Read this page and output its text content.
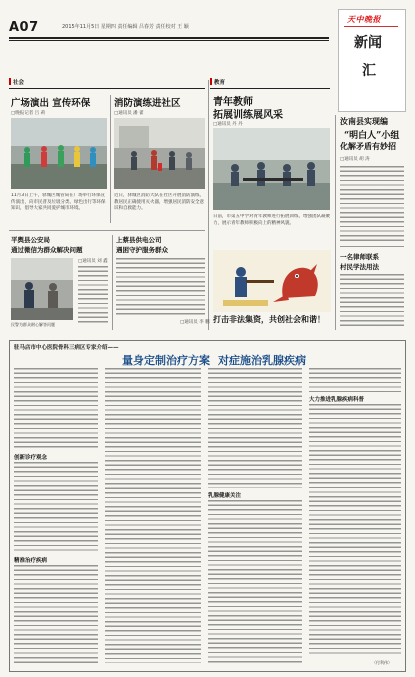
A07	2015年11月5日 星期四 责任编辑 吕春芳 责任校对 王 颖
天中晚报
新闻
汇
社会	教育
广场演出 宣传环保
□晚报记者 吕 莉
11月3日上午，驿城区城管局在广场举行环保宣传演出，向市民普及垃圾分类、绿色出行等环保知识，倡导大家共同爱护城市环境。
消防演练进社区
□通讯员 潘 翟
近日，驿城区消防大队在社区开展消防演练，教居民正确使用灭火器，增强居民消防安全意识和自救能力。
青年教师
拓展训练展风采
□通讯员 丹 丹
日前，市第五中学对青年教师进行拓展训练，增强团队凝聚力，展示青年教师积极向上的精神风貌。
汝南县实现编
“明白人”小组
化解矛盾有妙招
□通讯员 胡 涛
一名律师联系
村民学法用法
平舆县公安局
通过微信为群众解决问题
民警为群众耐心解答问题
□通讯员 刘 鑫
上蔡县供电公司
遇困守护服务群众
□通讯员 李 鹏 打击非法集资，共创社会和谐！
驻马店市中心医院骨科三病区专家介绍——
量身定制治疗方案 对症施治乳腺疾病
创新诊疗观念
精准治疗疾病
乳腺健康关注
大力推进乳腺疾病科普
（付利伟）
